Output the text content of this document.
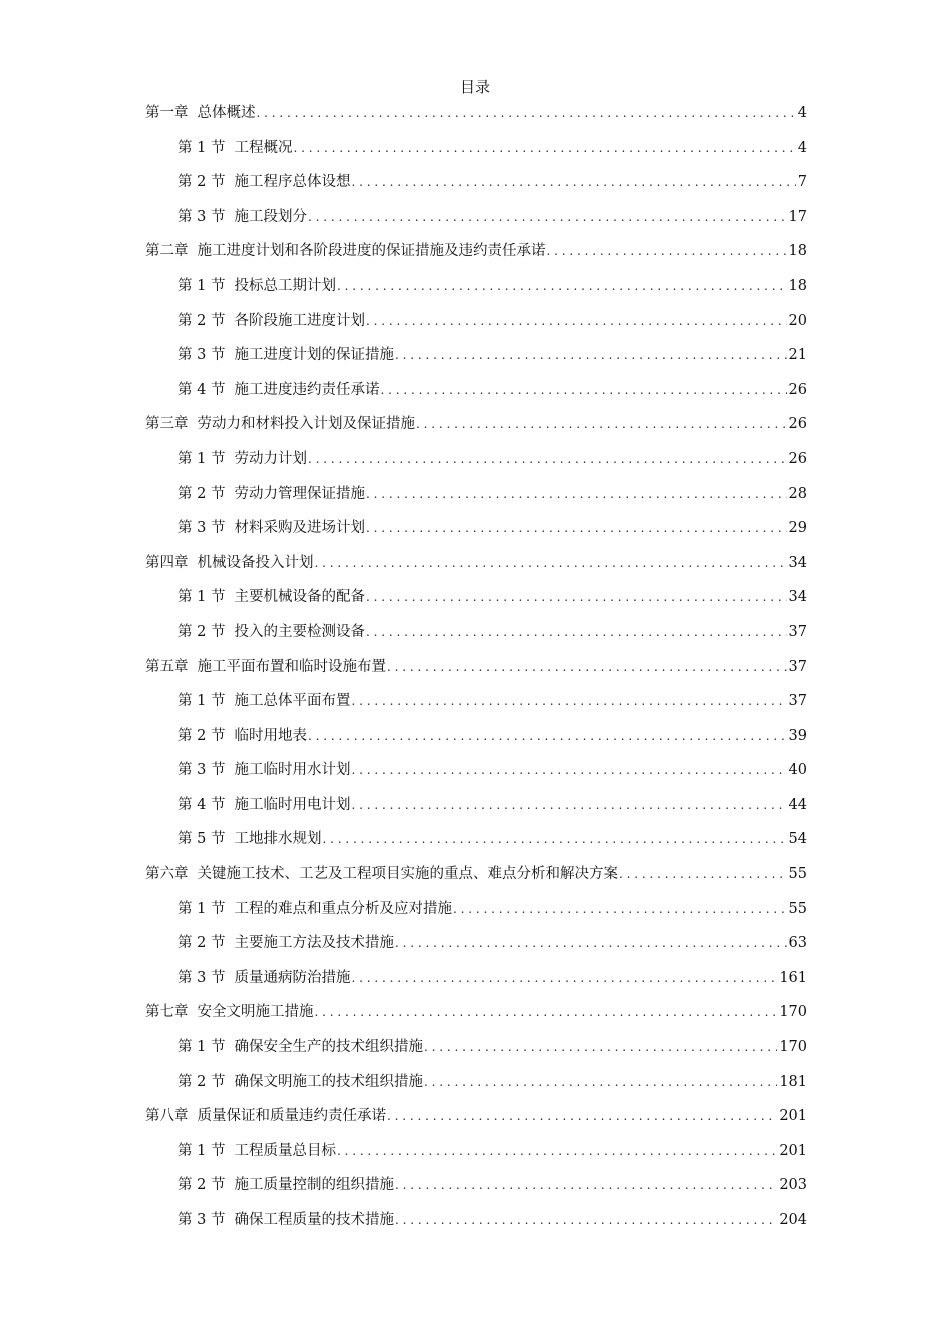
目录
第一章 总体概述 . . .	4
第 1 节 工程概况 . . .	4
第 2 节 施工程序总体设想 . . .	7
第 3 节 施工段划分 . . .	17
第二章 施工进度计划和各阶段进度的保证措施及违约责任承诺 . . .	18
第 1 节 投标总工期计划 . . .	18
第 2 节 各阶段施工进度计划 . . .	20
第 3 节 施工进度计划的保证措施 . . .	21
第 4 节 施工进度违约责任承诺 . . .	26
第三章 劳动力和材料投入计划及保证措施 . . .	26
第 1 节 劳动力计划 . . .	26
第 2 节 劳动力管理保证措施 . . .	28
第 3 节 材料采购及进场计划 . . .	29
第四章 机械设备投入计划 . . .	34
第 1 节 主要机械设备的配备 . . .	34
第 2 节 投入的主要检测设备 . . .	37
第五章 施工平面布置和临时设施布置 . . .	37
第 1 节 施工总体平面布置 . . .	37
第 2 节 临时用地表 . . .	39
第 3 节 施工临时用水计划 . . .	40
第 4 节 施工临时用电计划 . . .	44
第 5 节 工地排水规划 . . .	54
第六章 关键施工技术、工艺及工程项目实施的重点、难点分析和解决方案 . . .	55
第 1 节 工程的难点和重点分析及应对措施 . . .	55
第 2 节 主要施工方法及技术措施 . . .	63
第 3 节 质量通病防治措施 . . .	161
第七章 安全文明施工措施 . . .	170
第 1 节 确保安全生产的技术组织措施 . . .	170
第 2 节 确保文明施工的技术组织措施 . . .	181
第八章 质量保证和质量违约责任承诺 . . .	201
第 1 节 工程质量总目标 . . .	201
第 2 节 施工质量控制的组织措施 . . .	203
第 3 节 确保工程质量的技术措施 . . .	204
